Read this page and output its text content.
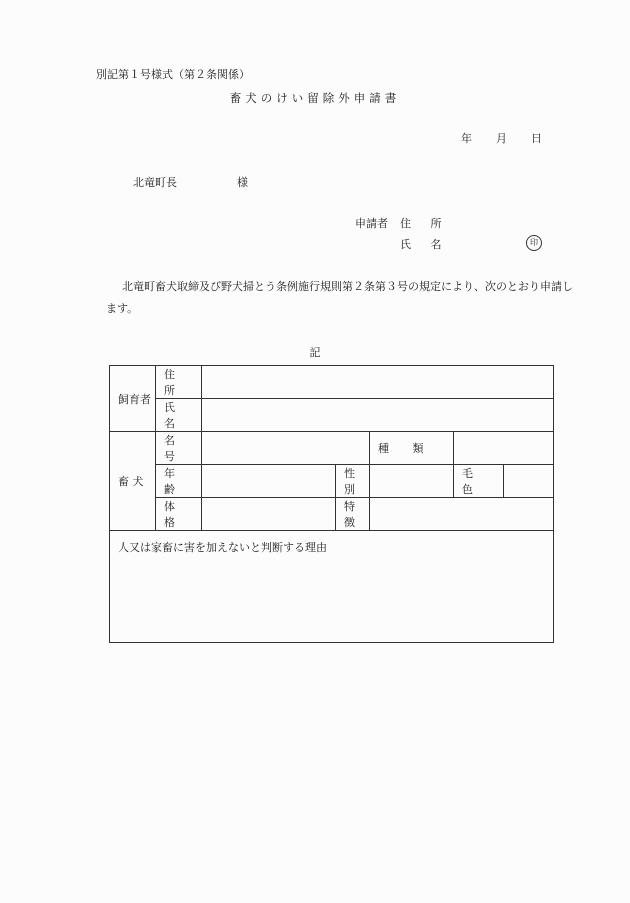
別記第１号様式（第２条関係）
畜犬のけい留除外申請書
年 月 日
北竜町長	様
申請者 住 所
氏 名	印
北竜町畜犬取締及び野犬掃とう条例施行規則第２条第３号の規定により、次のとおり申請します。
記
飼育者	住 所					
	氏 名					
畜 犬	名 号			種 類		
	年 齢		性 別		毛 色	
	体 格		特 徴			
人又は家畜に害を加えないと判断する理由						
